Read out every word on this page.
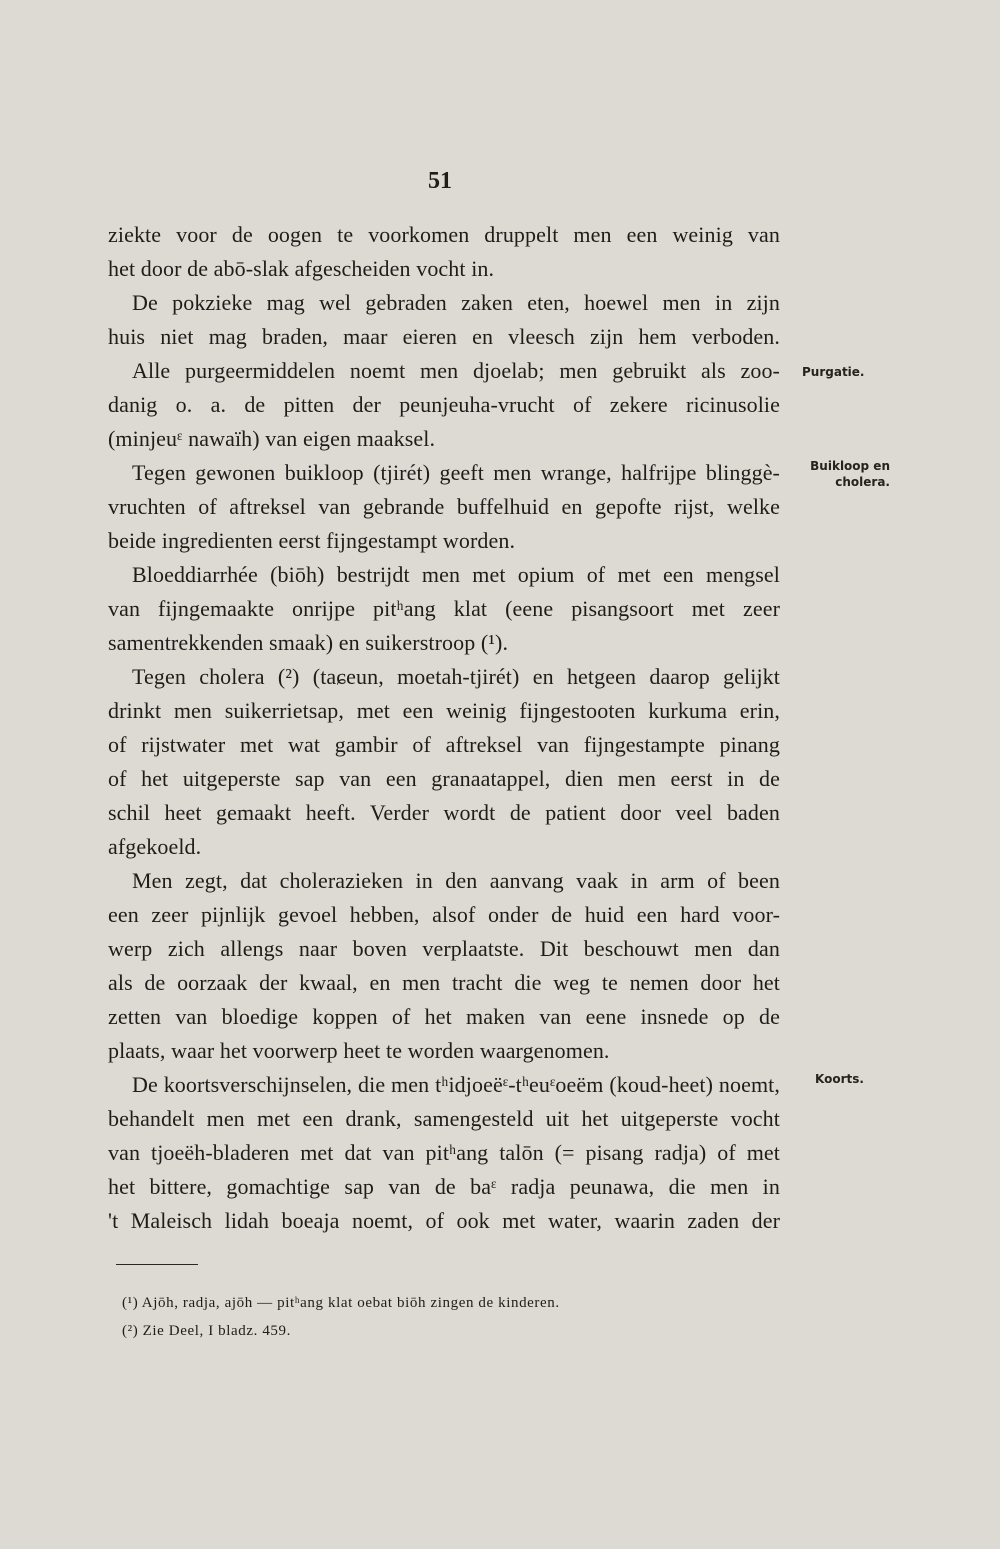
51
ziekte voor de oogen te voorkomen druppelt men een weinig van
het door de abō-slak afgescheiden vocht in.
De pokzieke mag wel gebraden zaken eten, hoewel men in zijn
huis niet mag braden, maar eieren en vleesch zijn hem verboden.
Alle purgeermiddelen noemt men djoelab; men gebruikt als zoo-
danig o. a. de pitten der peunjeuha-vrucht of zekere ricinusolie
(minjeuᵋ nawaïh) van eigen maaksel.
Tegen gewonen buikloop (tjirét) geeft men wrange, halfrijpe blinggè-
vruchten of aftreksel van gebrande buffelhuid en gepofte rijst, welke
beide ingredienten eerst fijngestampt worden.
Bloeddiarrhée (biōh) bestrijdt men met opium of met een mengsel
van fijngemaakte onrijpe pitʰang klat (eene pisangsoort met zeer
samentrekkenden smaak) en suikerstroop (¹).
Tegen cholera (²) (taɕeun, moetah-tjirét) en hetgeen daarop gelijkt
drinkt men suikerrietsap, met een weinig fijngestooten kurkuma erin,
of rijstwater met wat gambir of aftreksel van fijngestampte pinang
of het uitgeperste sap van een granaatappel, dien men eerst in de
schil heet gemaakt heeft. Verder wordt de patient door veel baden
afgekoeld.
Men zegt, dat cholerazieken in den aanvang vaak in arm of been
een zeer pijnlijk gevoel hebben, alsof onder de huid een hard voor-
werp zich allengs naar boven verplaatste. Dit beschouwt men dan
als de oorzaak der kwaal, en men tracht die weg te nemen door het
zetten van bloedige koppen of het maken van eene insnede op de
plaats, waar het voorwerp heet te worden waargenomen.
De koortsverschijnselen, die men tʰidjoeëᵋ-tʰeuᵋoeëm (koud-heet) noemt,
behandelt men met een drank, samengesteld uit het uitgeperste vocht
van tjoeëh-bladeren met dat van pitʰang talōn (= pisang radja) of met
het bittere, gomachtige sap van de baᵋ radja peunawa, die men in
't Maleisch lidah boeaja noemt, of ook met water, waarin zaden der
Purgatie.
Buikloop en cholera.
Koorts.
(¹) Ajōh, radja, ajōh — pitʰang klat oebat biōh zingen de kinderen.
(²) Zie Deel, I bladz. 459.
